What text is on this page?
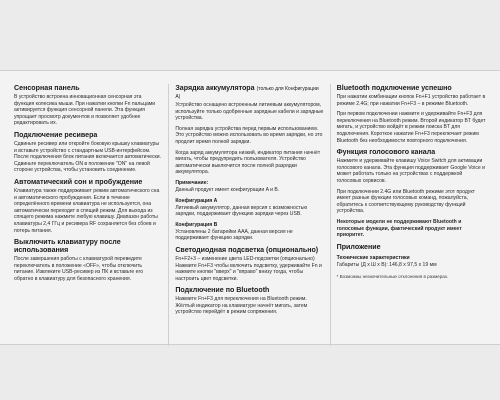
Сенсорная панель
В устройство встроена инновационная сенсорная эта функция колесика мыши. При нажатии кнопки Fn пальцами активируется функция сенсорной панели. Эта функция упрощает просмотр документов и позволяет удобнее редактировать их.
Подключение ресивера
Сдвиньте ресивер или откройте боковую крышку клавиатуры и вставьте устройство с стандартным USB-интерфейсом. После подключения блок питания включается автоматически. Сдвиньте переключатель ON в положение "ON" на левой стороне устройства, чтобы установить соединение.
Автоматический сон и пробуждение
Клавиатура также поддерживает режим автоматического сна и автоматического пробуждения. Если в течение определённого времени клавиатура не используется, она автоматически переходит в спящий режим. Для выхода из спящего режима нажмите любую клавишу. Диапазон работы клавиатуры 2,4 ГГц и ресивера RF сохраняется без сбоев и потерь питания.
Выключить клавиатуру после использования
После завершения работы с клавиатурой переведите переключатель в положение «OFF», чтобы отключить питание. Извлеките USB-ресивер из ПК и вставьте его обратно в клавиатуру для безопасного хранения.
Зарядка аккумулятора (только для Конфигурации A)
Устройство оснащено встроенным литиевым аккумулятором, используйте только одобренные зарядные кабели и зарядные устройства.
Полная зарядка устройства перед первым использованием. Это устройство можно использовать во время зарядки, но это продлит время полной зарядки.
Когда заряд аккумулятора низкий, индикатор питания начнёт мигать, чтобы предупредить пользователя. Устройство автоматически выключится после полной разрядки аккумулятора.
Примечание:
Данный продукт имеет конфигурации A и B.
Конфигурация A
Литиевый аккумулятор, данная версия с возможностью зарядки, поддерживает функцию зарядки через USB.
Конфигурация B
Установлены 2 батарейки AAA, данная версия не поддерживает функцию зарядки.
Светодиодная подсветка (опционально)
Fn+F2+3 – изменение цвета LED-подсветки (опционально) Нажмите Fn+F3 чтобы включить подсветку, удерживайте Fn и нажмите кнопки "вверх" и "вправо" внизу тогда, чтобы настроить цвет подсветки.
Подключение по Bluetooth
Нажмите Fn+F3 для переключения на Bluetooth режим. Жёлтый индикатор на клавиатуре начнёт мигать, затем устройство перейдёт в режим сопряжения.
Bluetooth подключение успешно
При нажатии комбинации кнопок Fn+F1 устройство работает в режиме 2.4G; при нажатии Fn+F3 – в режиме Bluetooth.
При первом подключении нажмите и удерживайте Fn+F3 для переключения на Bluetooth режим. Второй индикатор BT будет мигать, и устройство войдёт в режим поиска BT для подключения. Короткое нажатие Fn+F3 переключает режим Bluetooth без необходимости повторного подключения.
Функция голосового канала
Нажмите и удерживайте клавишу Voice Switch для активации голосового канала. Эта функция поддерживает Google Voice и может работать только на устройствах с поддержкой голосовых сервисов.
При подключении 2.4G или Bluetooth режиме этот продукт имеет разные функции голосовых команд, пожалуйста, обратитесь к соответствующему руководству функций устройства.
Некоторые модели не поддерживают Bluetooth и голосовые функции, фактический продукт имеет приоритет.
Приложение
Технические характеристики
Габариты (Д x Ш x В): 146,8 x 97,5 x 19 мм
* Возможны незначительные отклонения в размерах.
